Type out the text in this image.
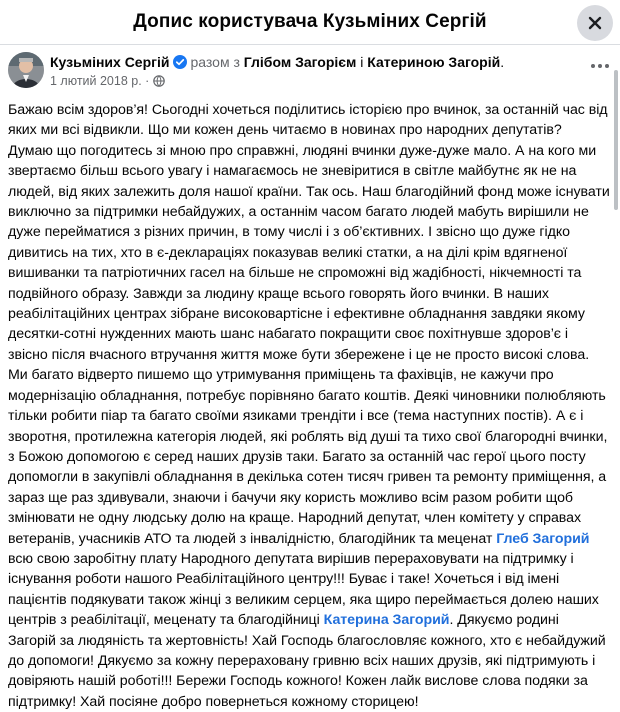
Допис користувача Кузьміних Сергій
Кузьміних Сергій разом з Глібом Загорієм і Катериною Загорій.
1 лютий 2018 р. ·

Бажаю всім здоров’я! Сьогодні хочеться поділитись історією про вчинок, за останній час від яких ми всі відвикли. Що ми кожен день читаємо в новинах про народних депутатів? Думаю що погодитесь зі мною про справжні, людяні вчинки дуже-дуже мало. А на кого ми звертаємо більш всього увагу і намагаємось не зневіритися в світле майбутнє як не на людей, від яких залежить доля нашої країни. Так ось. Наш благодійний фонд може існувати виключно за підтримки небайдужих, а останнім часом багато людей мабуть вирішили не дуже перейматися з різних причин, в тому числі і з об’єктивних. І звісно що дуже гідко дивитись на тих, хто в є-деклараціях показував великі статки, а на ділі крім вдягненої вишиванки та патріотичних гасел на більше не спроможні від жадібності, нікчемності та подвійного образу. Завжди за людину краще всього говорять його вчинки. В наших реабілітаційних центрах зібране високовартісне і ефективне обладнання завдяки якому десятки-сотні нужденних мають шанс набагато покращити своє похітнувше здоров’є і звісно після вчасного втручання життя може бути збережене і це не просто високі слова. Ми багато відверто пишемо що утримування приміщень та фахівців, не кажучи про модернізацію обладнання, потребує порівняно багато коштів. Деякі чиновники полюбляють тільки робити піар та багато своїми язиками трендіти і все (тема наступних постів). А є і зворотня, протилежна категорія людей, які роблять від душі та тихо свої благородні вчинки, з Божою допомогою є серед наших друзів таки. Багато за останній час герої цього посту допомогли в закупівлі обладнання в декілька сотен тисяч гривен та ремонту приміщення, а зараз ще раз здивували, знаючи і бачучи яку користь можливо всім разом робити щоб змінювати не одну людську долю на краще. Народний депутат, член комітету у справах ветеранів, учасників АТО та людей з інвалідністю, благодійник та меценат Глеб Загорий всю свою заробітну плату Народного депутата вирішив перераховувати на підтримку і існування роботи нашого Реабілітаційного центру!!! Буває і таке! Хочеться і від імені пацієнтів подякувати також жінці з великим серцем, яка щиро переймається долею наших центрів з реабілітації, меценату та благодійниці Катерина Загорий. Дякуємо родині Загорій за людяність та жертовність! Хай Господь благословляє кожного, хто є небайдужий до допомоги! Дякуємо за кожну перераховану гривню всіх наших друзів, які підтримують і довіряють нашій роботі!!! Бережи Господь кожного! Кожен лайк вислове слова подяки за підтримку! Хай посіяне добро повернеться кожному сторицею!
